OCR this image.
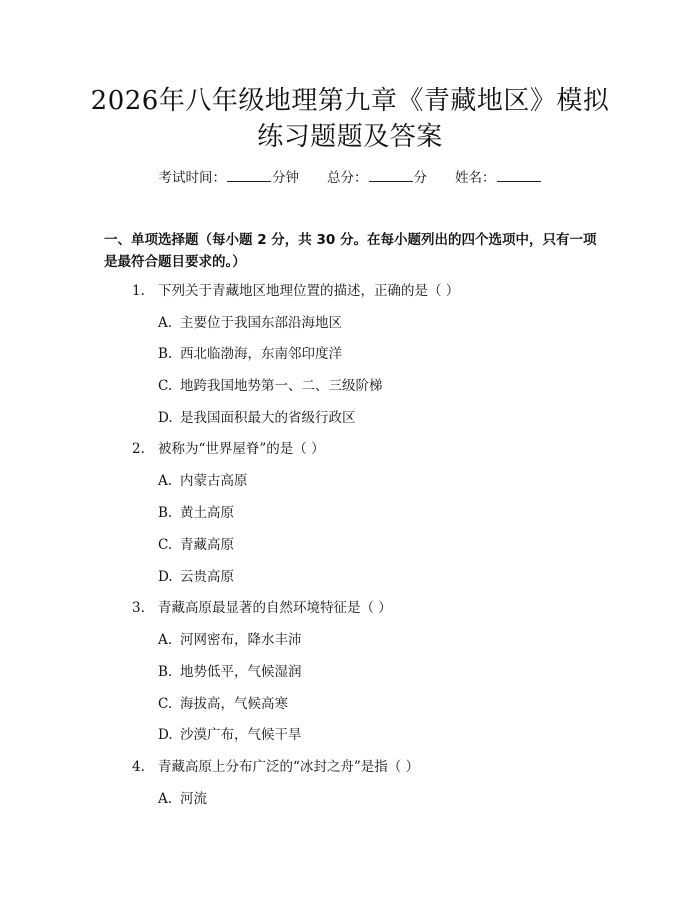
2026年八年级地理第九章《青藏地区》模拟
练习题题及答案
考试时间：	分钟 总分：	分 姓名：
一、单项选择题（每小题 2 分，共 30 分。在每小题列出的四个选项中，只有一项
是最符合题目要求的。）
1. 下列关于青藏地区地理位置的描述，正确的是（ ）
A. 主要位于我国东部沿海地区
B. 西北临渤海，东南邻印度洋
C. 地跨我国地势第一、二、三级阶梯
D. 是我国面积最大的省级行政区
2. 被称为“世界屋脊”的是（ ）
A. 内蒙古高原
B. 黄土高原
C. 青藏高原
D. 云贵高原
3. 青藏高原最显著的自然环境特征是（ ）
A. 河网密布，降水丰沛
B. 地势低平，气候湿润
C. 海拔高，气候高寒
D. 沙漠广布，气候干旱
4. 青藏高原上分布广泛的“冰封之舟”是指（ ）
A. 河流
